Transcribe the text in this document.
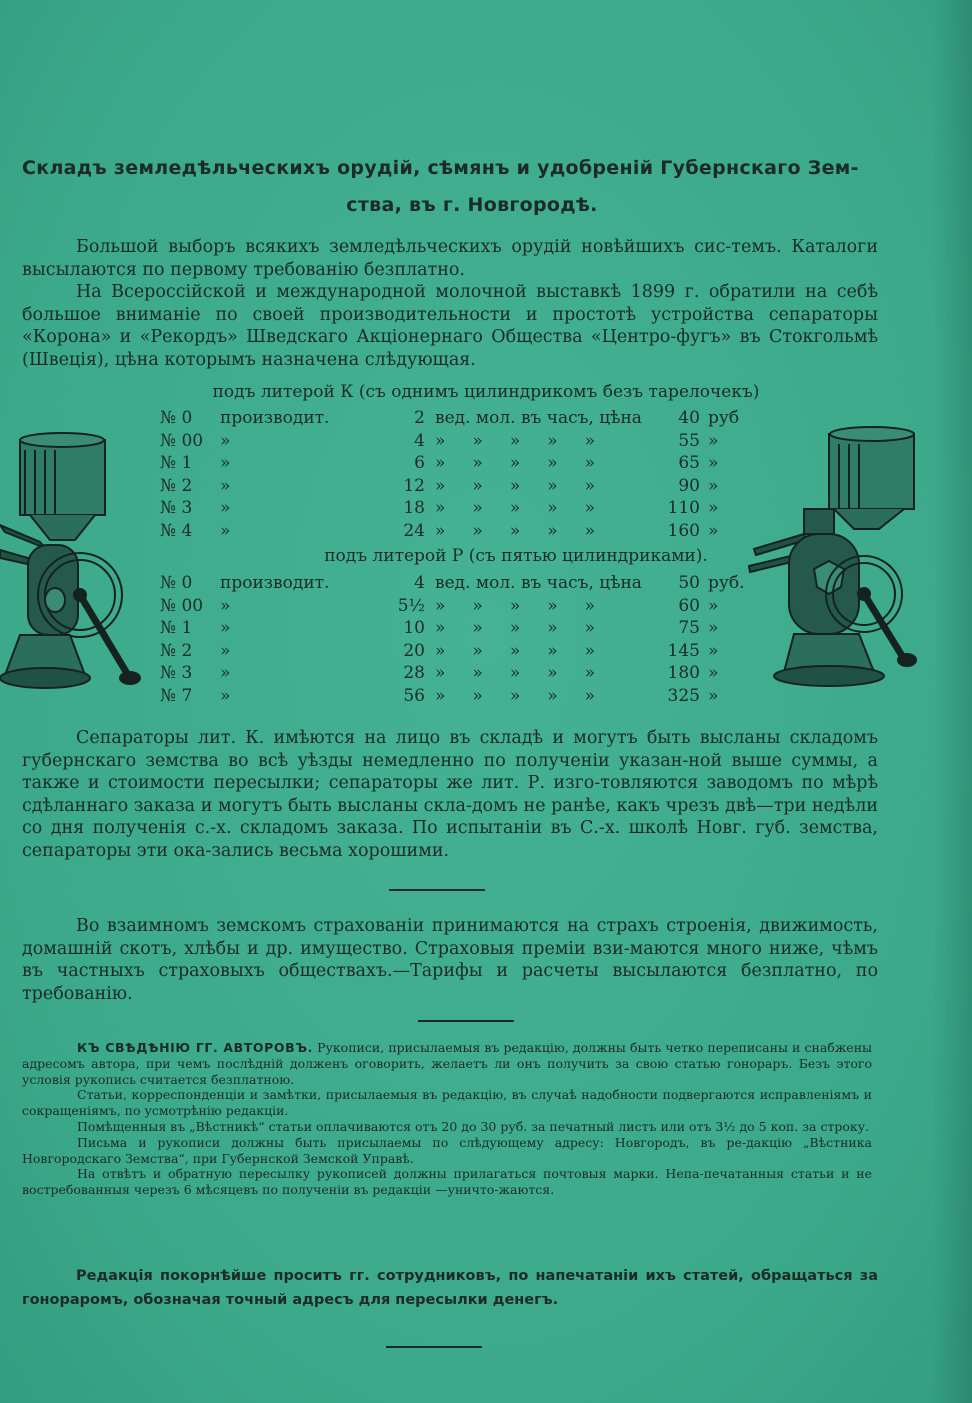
Складъ земледѣльческихъ орудій, сѣмянъ и удобреній Губернскаго Зем-
ства, въ г. Новгородѣ.

Большой выборъ всякихъ земледѣльческихъ орудій новѣйшихъ сис-темъ. Каталоги высылаются по первому требованію безплатно.

На Всероссійской и международной молочной выставкѣ 1899 г. обратили на себѣ большое вниманіе по своей производительности и простотѣ устройства сепараторы «Корона» и «Рекордъ» Шведскаго Акціонернаго Общества «Центро-фугъ» въ Стокгольмѣ (Швеція), цѣна которымъ назначена слѣдующая.

подъ литерой К (съ однимъ цилиндрикомъ безъ тарелочекъ)
№ 0	производит.	2	вед. мол. въ часъ, цѣна	40	руб
№ 00	»	4	»     »     »     »     »	55	»
№ 1	»	6	»     »     »     »     »	65	»
№ 2	»	12	»     »     »     »     »	90	»
№ 3	»	18	»     »     »     »     »	110	»
№ 4	»	24	»     »     »     »     »	160	»
подъ литерой Р (съ пятью цилиндриками).
№ 0	производит.	4	вед. мол. въ часъ, цѣна	50	руб.
№ 00	»	5½	»     »     »     »     »	60	»
№ 1	»	10	»     »     »     »     »	75	»
№ 2	»	20	»     »     »     »     »	145	»
№ 3	»	28	»     »     »     »     »	180	»
№ 7	»	56	»     »     »     »     »	325	»

Сепараторы лит. К. имѣются на лицо въ складѣ и могутъ быть высланы складомъ губернскаго земства во всѣ уѣзды немедленно по полученіи указан-ной выше суммы, а также и стоимости пересылки; сепараторы же лит. Р. изго-товляются заводомъ по мѣрѣ сдѣланнаго заказа и могутъ быть высланы скла-домъ не ранѣе, какъ чрезъ двѣ—три недѣли со дня полученія с.-х. складомъ заказа. По испытаніи въ С.-х. школѣ Новг. губ. земства, сепараторы эти ока-зались весьма хорошими.

Во взаимномъ земскомъ страхованіи принимаются на страхъ строенія, движимость, домашній скотъ, хлѣбы и др. имущество. Страховыя преміи взи-маются много ниже, чѣмъ въ частныхъ страховыхъ обществахъ.—Тарифы и расчеты высылаются безплатно, по требованію.

КЪ СВѢДѢНІЮ ГГ. АВТОРОВЪ. Рукописи, присылаемыя въ редакцію, должны быть четко переписаны и снабжены адресомъ автора, при чемъ послѣдній долженъ оговорить, желаетъ ли онъ получить за свою статью гонораръ. Безъ этого условія рукопись считается безплатною.

Статьи, корреспонденціи и замѣтки, присылаемыя въ редакцію, въ случаѣ надобности подвергаются исправленіямъ и сокращеніямъ, по усмотрѣнію редакціи.

Помѣщенныя въ „Вѣстникѣ“ статьи оплачиваются отъ 20 до 30 руб. за печатный листъ или отъ 3½ до 5 коп. за строку.

Письма и рукописи должны быть присылаемы по слѣдующему адресу: Новгородъ, въ ре-дакцію „Вѣстника Новгородскаго Земства“, при Губернской Земской Управѣ.

На отвѣтъ и обратную пересылку рукописей должны прилагаться почтовыя марки. Непа-печатанныя статьи и не востребованныя черезъ 6 мѣсяцевъ по полученіи въ редакціи —уничто-жаются.

Редакція покорнѣйше проситъ гг. сотрудниковъ, по напечатаніи ихъ статей, обращаться за гонораромъ, обозначая точный адресъ для пересылки денегъ.
